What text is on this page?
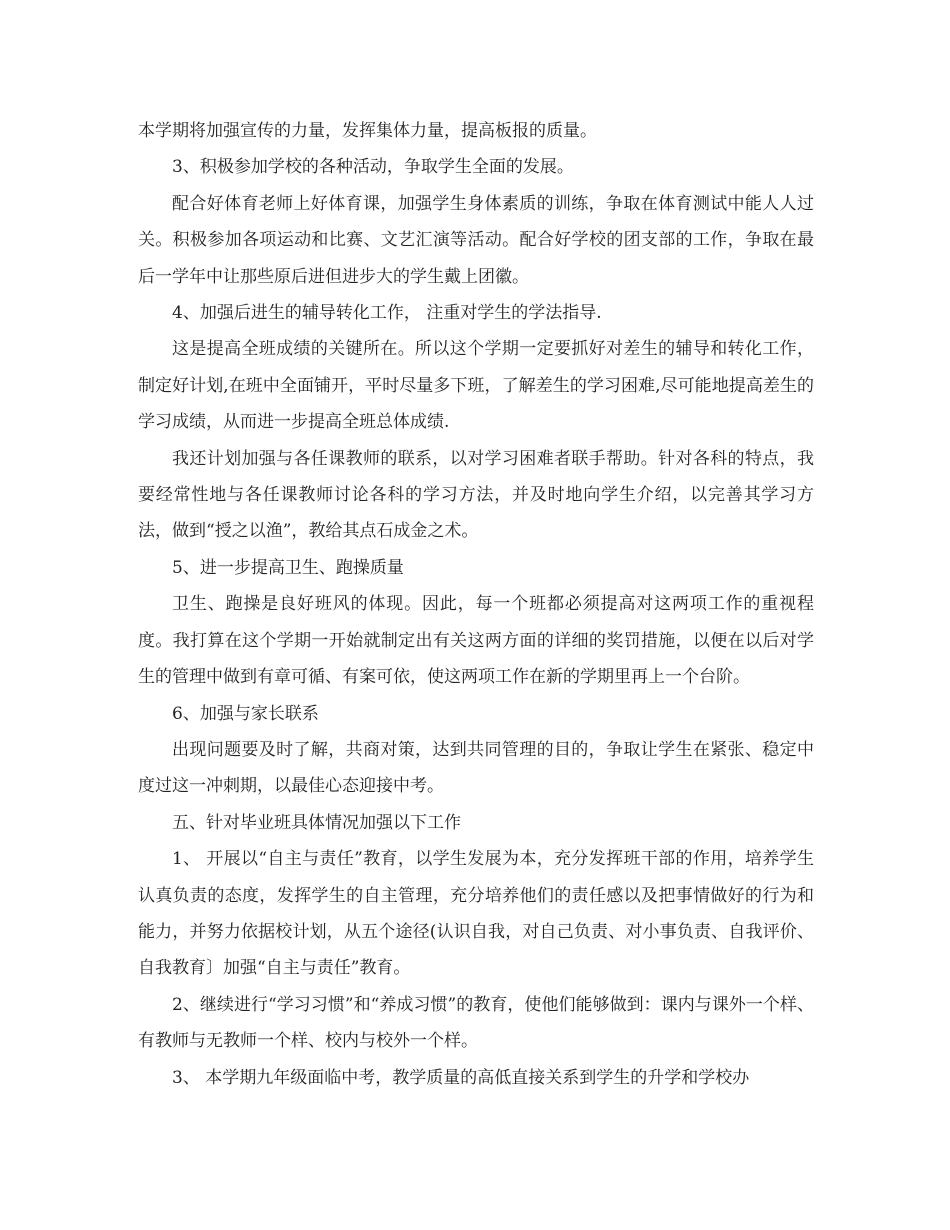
本学期将加强宣传的力量，发挥集体力量，提高板报的质量。

3、积极参加学校的各种活动，争取学生全面的发展。

配合好体育老师上好体育课，加强学生身体素质的训练，争取在体育测试中能人人过关。积极参加各项运动和比赛、文艺汇演等活动。配合好学校的团支部的工作，争取在最后一学年中让那些原后进但进步大的学生戴上团徽。

4、加强后进生的辅导转化工作， 注重对学生的学法指导.

这是提高全班成绩的关键所在。所以这个学期一定要抓好对差生的辅导和转化工作，制定好计划,在班中全面铺开，平时尽量多下班，了解差生的学习困难,尽可能地提高差生的学习成绩，从而进一步提高全班总体成绩.

我还计划加强与各任课教师的联系，以对学习困难者联手帮助。针对各科的特点，我要经常性地与各任课教师讨论各科的学习方法，并及时地向学生介绍，以完善其学习方法，做到“授之以渔”，教给其点石成金之术。

5、进一步提高卫生、跑操质量

卫生、跑操是良好班风的体现。因此，每一个班都必须提高对这两项工作的重视程度。我打算在这个学期一开始就制定出有关这两方面的详细的奖罚措施，以便在以后对学生的管理中做到有章可循、有案可依，使这两项工作在新的学期里再上一个台阶。

6、加强与家长联系

出现问题要及时了解，共商对策，达到共同管理的目的，争取让学生在紧张、稳定中度过这一冲刺期，以最佳心态迎接中考。

五、针对毕业班具体情况加强以下工作

1、 开展以“自主与责任”教育，以学生发展为本，充分发挥班干部的作用，培养学生认真负责的态度，发挥学生的自主管理，充分培养他们的责任感以及把事情做好的行为和能力，并努力依据校计划，从五个途径(认识自我，对自己负责、对小事负责、自我评价、自我教育〕加强“自主与责任”教育。

2、继续进行“学习习惯”和“养成习惯”的教育，使他们能够做到：课内与课外一个样、有教师与无教师一个样、校内与校外一个样。

3、 本学期九年级面临中考，教学质量的高低直接关系到学生的升学和学校办
